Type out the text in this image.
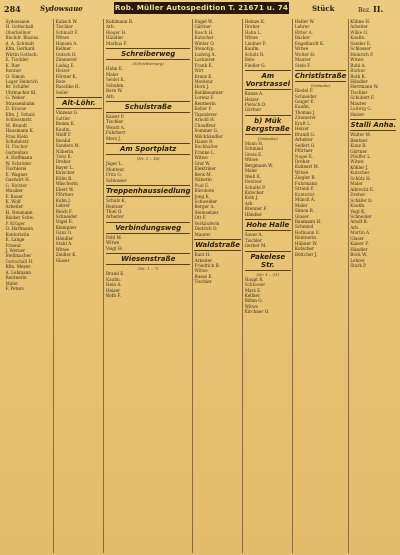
284	Sydowsaue	Rob. Müller Autospedition T. 21671 u. 74	Stück	Bez. II.
Sydowsaue
H. Gottschall
Oberkellner
Buchdr. Blasius
d. A. Schmidt
Kfm. Gerhard
Wirtin Gottsch.
E. Tischler
K. Bier
Rentier
O. Simon
Lager Heinrich
Br. Schäfer
Uhrmacher Kl.
G. Weber
Strassenbahn
D. Krause
Kfm. J. Schulz
Schlossmstr.
M. Brandt
Hausmann K.
Frau Klein
Schuhmstr.
H. Fischer
Gartenbau
A. Hoffmann
W. Schröder
Tischlerei
E. Wagner
Gastwirt H.
G. Richter
Musiker
F. Bauer
K. Wolf
Arbeiter
H. Neumann
Bäcker Schw.
P. Krüger
O. Hartmann
Kontoristin
E. Lange
Friseur
J. Werner
Stellmacher
Gottschall H.
Kfm. Meyer
A. Lehmann
Rentnerin
Maler
F. Peters
Kalisch W.
Tischler
Schmidt F.
Witwe
Hansen A.
Kellner
Gutsch O.
Zimmerer
Liebig E.
Heizer
Förster K.
Bote
Raschke H.
Seiler
Alt-Löhr.
Vinzenz G.
Sattler
Bomm K.
Kaufm.
Wolff P.
Invalid
Sanders M.
Näherin
Tietz R.
Dreher
Bayer L.
Kutscher
Kühn B.
Wäscherin
Ebert W.
Pförtner
Kuhn J.
Lehrer
Reich F.
Schneider
Vogel E.
Klempner
Ganz O.
Händler
Stahl A.
Witwe
Zeidler K.
Glaser
Kuhlmann R.
Arb.
Rieger H.
Händler
Markus F.
Schreiberweg
(Schreiberweg)
Hahn E.
Maler
Seidel K.
Schuhm.
Born W.
Arb.
Schulstraße
Kaiser P.
Tischler
Wendt A.
Fuhrherr
Merz J.
Am Sportplatz
(Nr. 1 – 16)
Jäger L.
Monteur
Fritz G.
Schlosser
Treppenhaussiedlung
Schulz K.
Rentner
Thiel O.
Arbeiter
Verbindungsweg
Pohl M.
Witwe
Voigt H.
Wiesenstraße
(Nr. 1 – 7)
Brand E.
Kaufm.
Hein A.
Heizer
Roth F.
Engel W.
Gärtner
Busch H.
Kutscher
Winter O.
Stenotyp.
Ludwig A.
Lackierer
Frank K.
Wirt
Kraus E.
Monteur
Horn J.
Bankbeamter
Lorenz F.
Rentnerin
Keller P.
Tapezierer
Arnold H.
Chauffeur
Sommer G.
Milchhändler
Haase R.
Buchhalter
Franke L.
Witwe
Graf W.
Elektriker
Beck M.
Näherin
Paul E.
Bürobote
Jung K.
Schweißer
Berger A.
Steinsetzer
Ott F.
Verkäuferin
Dietrich O.
Maurer
Waldstraße
Kurz H.
Arbeiter
Friedrich B.
Witwe
Busse E.
Tischler
Heinze K.
Dreher
Hahn L.
Witwe
Lindner F.
Kaufm.
Scholz R.
Bote
Fiedler G.
Am Vorstrassel
Kunze A.
Heizer
Pietsch O.
Gärtner
b) Mük Bergstraße
(Ostseite)
Mann H.
Schmied
Gross E.
Witwe
Bergmann W.
Maler
Weiß K.
Rentner
Schulte P.
Kutscher
Kolb J.
Arb.
Brenner F.
Händler
Hohe Halle
Sauer A.
Tischler
Gerber M.
Pakelese Str.
(Nr. 1 – 31)
Haupt R.
Schlosser
Marx E.
Kellner
Böhm G.
Witwe
Kirchner O.
Heller W.
Lehrer
Ritter A.
Bäcker
Engelhardt K.
Witwe
Wolter H.
Maurer
Stein F.
Christlstraße
(Ostseite)
Riedel P.
Schneider
Geiger E.
Kaufm.
Thomas J.
Zimmerer
Kraft L.
Heizer
Brandl G.
Arbeiter
Seifert O.
Pförtner
Nagel K.
Dreher
Kuhnert M.
Witwe
Ziegler B.
Fuhrmann
Straub F.
Kontorist
Münch A.
Maler
Simon R.
Glaser
Baumann H.
Schmied
Hofmann E.
Rentnerin
Hübner W.
Kutscher
Böttcher J.
Kühne H.
Arbeiter
Wilke O.
Kaufm.
Sander E.
Schlosser
Heinrich P.
Witwe
Ruhl A.
Bäcker
Roth K.
Händler
Herrmann W.
Tischler
Schubert F.
Maurer
Ludwig G.
Heizer
Stalli Anha.
Walter M.
Rentner
Kunz R.
Gärtner
Pfeiffer L.
Witwe
Köhler J.
Kutscher
Schütz H.
Maler
Albrecht E.
Dreher
Schäfer O.
Kaufm.
Vogt K.
Schneider
Arndt B.
Arb.
Martin A.
Glaser
Kaiser F.
Händler
Bock W.
Lehrer
Stark P.
